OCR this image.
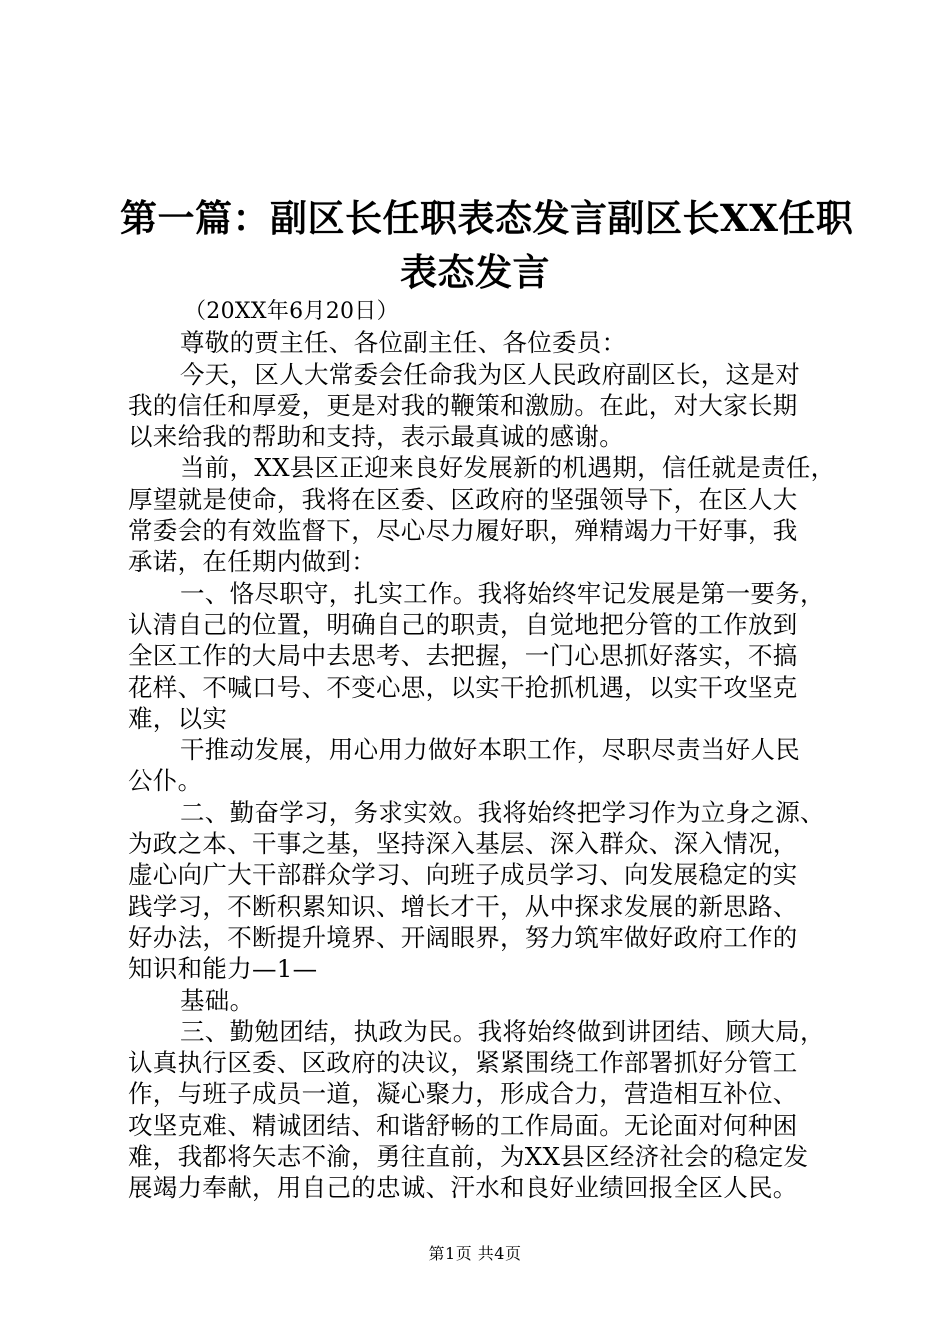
第一篇：副区长任职表态发言副区长XX任职
表态发言
（20XX年6月20日）
尊敬的贾主任、各位副主任、各位委员：
今天，区人大常委会任命我为区人民政府副区长，这是对
我的信任和厚爱，更是对我的鞭策和激励。在此，对大家长期
以来给我的帮助和支持，表示最真诚的感谢。
当前，XX县区正迎来良好发展新的机遇期，信任就是责任，
厚望就是使命，我将在区委、区政府的坚强领导下，在区人大
常委会的有效监督下，尽心尽力履好职，殚精竭力干好事，我
承诺，在任期内做到：
一、恪尽职守，扎实工作。我将始终牢记发展是第一要务，
认清自己的位置，明确自己的职责，自觉地把分管的工作放到
全区工作的大局中去思考、去把握，一门心思抓好落实，不搞
花样、不喊口号、不变心思，以实干抢抓机遇，以实干攻坚克
难，以实
干推动发展，用心用力做好本职工作，尽职尽责当好人民
公仆。
二、勤奋学习，务求实效。我将始终把学习作为立身之源、
为政之本、干事之基，坚持深入基层、深入群众、深入情况，
虚心向广大干部群众学习、向班子成员学习、向发展稳定的实
践学习，不断积累知识、增长才干，从中探求发展的新思路、
好办法，不断提升境界、开阔眼界，努力筑牢做好政府工作的
知识和能力—1—
基础。
三、勤勉团结，执政为民。我将始终做到讲团结、顾大局，
认真执行区委、区政府的决议，紧紧围绕工作部署抓好分管工
作，与班子成员一道，凝心聚力，形成合力，营造相互补位、
攻坚克难、精诚团结、和谐舒畅的工作局面。无论面对何种困
难，我都将矢志不渝，勇往直前，为XX县区经济社会的稳定发
展竭力奉献，用自己的忠诚、汗水和良好业绩回报全区人民。
第1页 共4页
